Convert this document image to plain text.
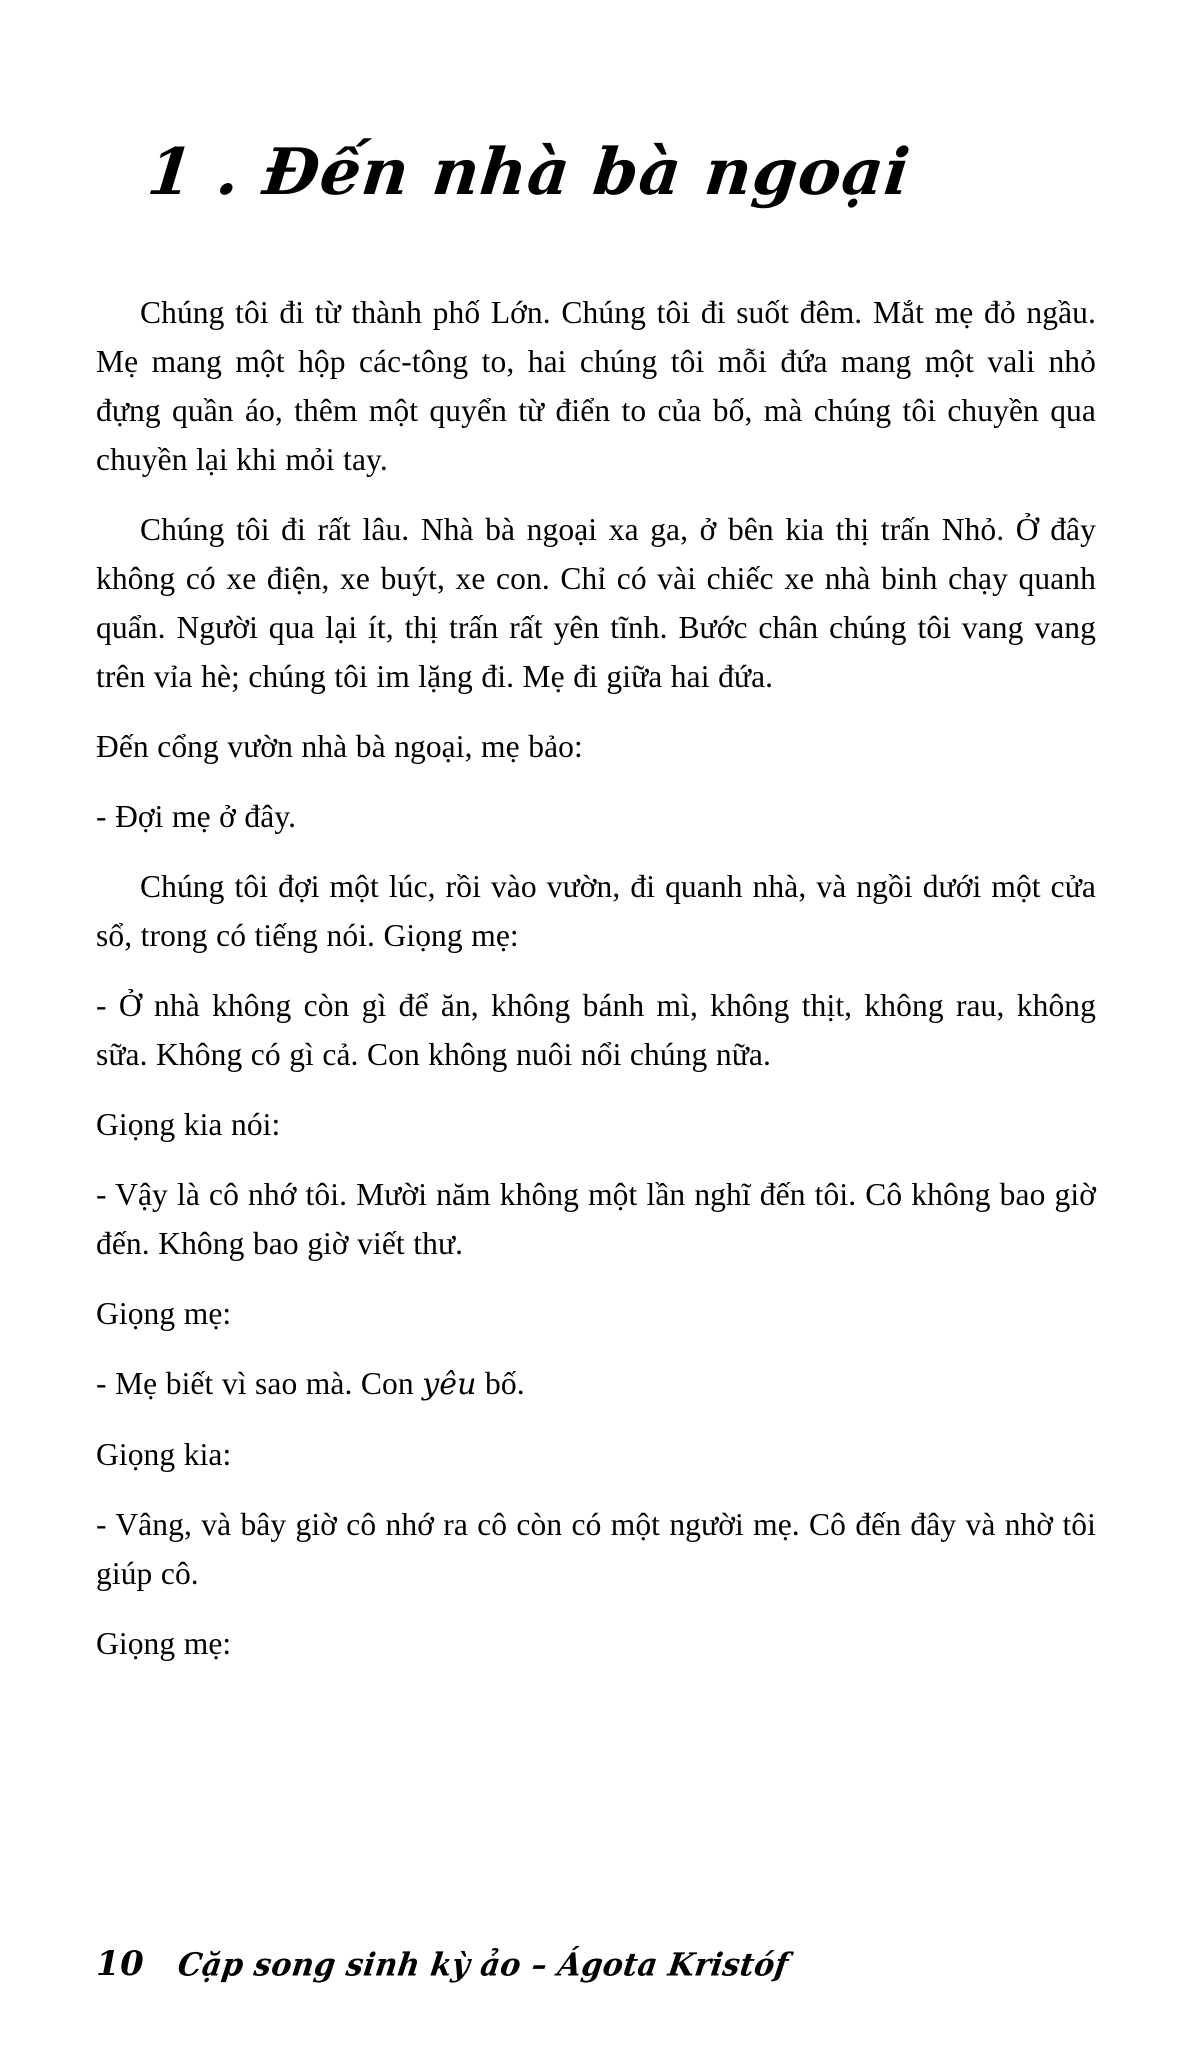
1 . Đến nhà bà ngoại

Chúng tôi đi từ thành phố Lớn. Chúng tôi đi suốt đêm. Mắt mẹ đỏ ngầu. Mẹ mang một hộp các-tông to, hai chúng tôi mỗi đứa mang một vali nhỏ đựng quần áo, thêm một quyển từ điển to của bố, mà chúng tôi chuyền qua chuyền lại khi mỏi tay.

Chúng tôi đi rất lâu. Nhà bà ngoại xa ga, ở bên kia thị trấn Nhỏ. Ở đây không có xe điện, xe buýt, xe con. Chỉ có vài chiếc xe nhà binh chạy quanh quẩn. Người qua lại ít, thị trấn rất yên tĩnh. Bước chân chúng tôi vang vang trên vỉa hè; chúng tôi im lặng đi. Mẹ đi giữa hai đứa.

Đến cổng vườn nhà bà ngoại, mẹ bảo:

- Đợi mẹ ở đây.

Chúng tôi đợi một lúc, rồi vào vườn, đi quanh nhà, và ngồi dưới một cửa sổ, trong có tiếng nói. Giọng mẹ:

- Ở nhà không còn gì để ăn, không bánh mì, không thịt, không rau, không sữa. Không có gì cả. Con không nuôi nổi chúng nữa.

Giọng kia nói:

- Vậy là cô nhớ tôi. Mười năm không một lần nghĩ đến tôi. Cô không bao giờ đến. Không bao giờ viết thư.

Giọng mẹ:

- Mẹ biết vì sao mà. Con yêu bố.

Giọng kia:

- Vâng, và bây giờ cô nhớ ra cô còn có một người mẹ. Cô đến đây và nhờ tôi giúp cô.

Giọng mẹ:

10 Cặp song sinh kỳ ảo – Ágota Kristóf
